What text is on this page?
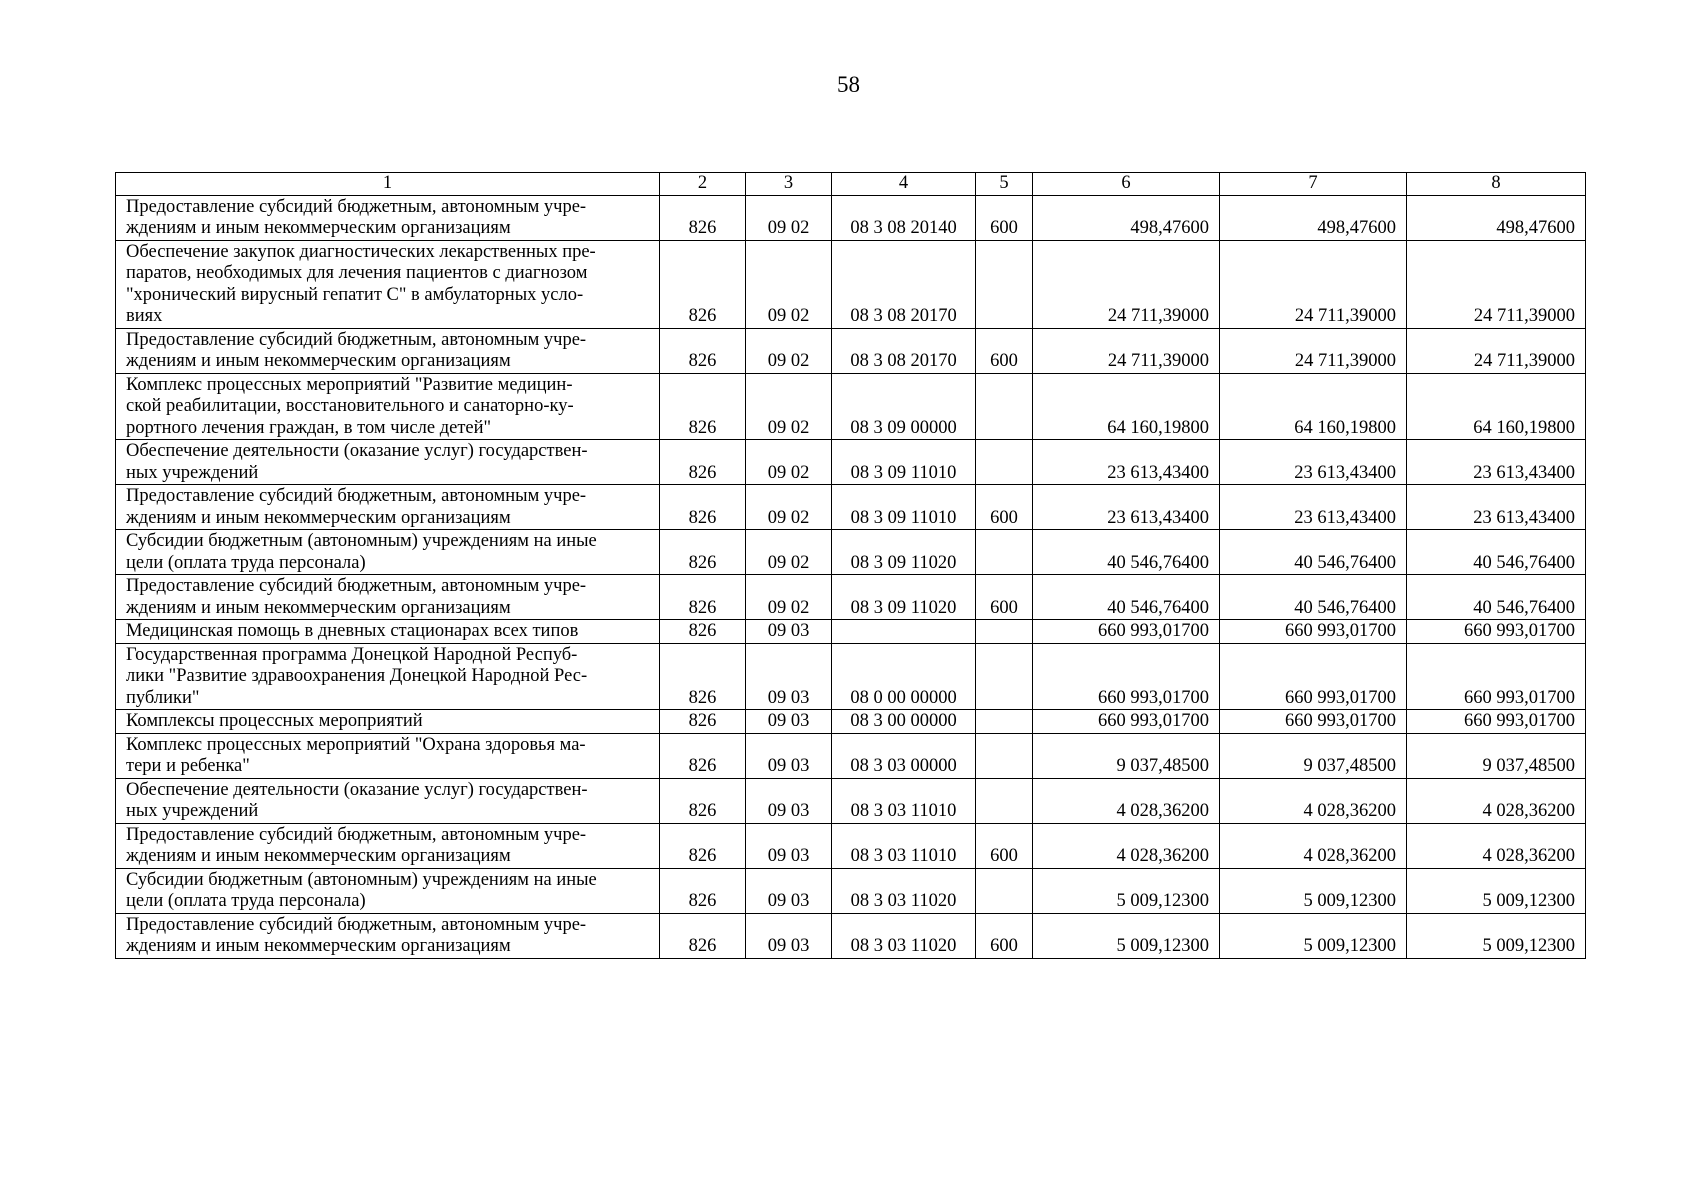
58
1	2	3	4	5	6	7	8
Предоставление субсидий бюджетным, автономным учре-
ждениям и иным некоммерческим организациям	826	09 02	08 3 08 20140	600	498,47600	498,47600	498,47600
Обеспечение закупок диагностических лекарственных пре-
паратов, необходимых для лечения пациентов с диагнозом
"хронический вирусный гепатит С" в амбулаторных усло-
виях	826	09 02	08 3 08 20170		24 711,39000	24 711,39000	24 711,39000
Предоставление субсидий бюджетным, автономным учре-
ждениям и иным некоммерческим организациям	826	09 02	08 3 08 20170	600	24 711,39000	24 711,39000	24 711,39000
Комплекс процессных мероприятий "Развитие медицин-
ской реабилитации, восстановительного и санаторно-ку-
рортного лечения граждан, в том числе детей"	826	09 02	08 3 09 00000		64 160,19800	64 160,19800	64 160,19800
Обеспечение деятельности (оказание услуг) государствен-
ных учреждений	826	09 02	08 3 09 11010		23 613,43400	23 613,43400	23 613,43400
Предоставление субсидий бюджетным, автономным учре-
ждениям и иным некоммерческим организациям	826	09 02	08 3 09 11010	600	23 613,43400	23 613,43400	23 613,43400
Субсидии бюджетным (автономным) учреждениям на иные
цели (оплата труда персонала)	826	09 02	08 3 09 11020		40 546,76400	40 546,76400	40 546,76400
Предоставление субсидий бюджетным, автономным учре-
ждениям и иным некоммерческим организациям	826	09 02	08 3 09 11020	600	40 546,76400	40 546,76400	40 546,76400
Медицинская помощь в дневных стационарах всех типов	826	09 03			660 993,01700	660 993,01700	660 993,01700
Государственная программа Донецкой Народной Респуб-
лики "Развитие здравоохранения Донецкой Народной Рес-
публики"	826	09 03	08 0 00 00000		660 993,01700	660 993,01700	660 993,01700
Комплексы процессных мероприятий	826	09 03	08 3 00 00000		660 993,01700	660 993,01700	660 993,01700
Комплекс процессных мероприятий "Охрана здоровья ма-
тери и ребенка"	826	09 03	08 3 03 00000		9 037,48500	9 037,48500	9 037,48500
Обеспечение деятельности (оказание услуг) государствен-
ных учреждений	826	09 03	08 3 03 11010		4 028,36200	4 028,36200	4 028,36200
Предоставление субсидий бюджетным, автономным учре-
ждениям и иным некоммерческим организациям	826	09 03	08 3 03 11010	600	4 028,36200	4 028,36200	4 028,36200
Субсидии бюджетным (автономным) учреждениям на иные
цели (оплата труда персонала)	826	09 03	08 3 03 11020		5 009,12300	5 009,12300	5 009,12300
Предоставление субсидий бюджетным, автономным учре-
ждениям и иным некоммерческим организациям	826	09 03	08 3 03 11020	600	5 009,12300	5 009,12300	5 009,12300
